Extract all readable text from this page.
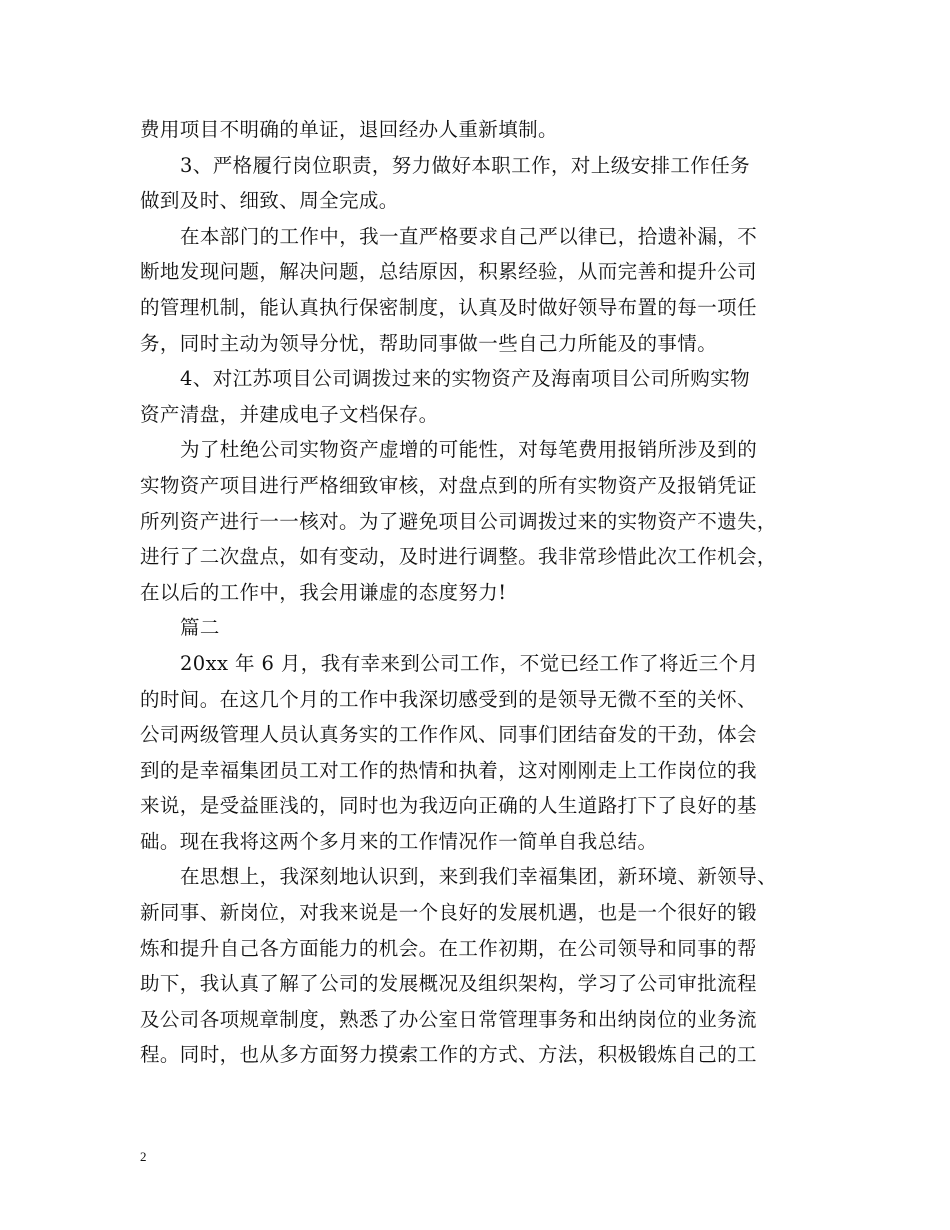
费用项目不明确的单证，退回经办人重新填制。
3、严格履行岗位职责，努力做好本职工作，对上级安排工作任务
做到及时、细致、周全完成。
在本部门的工作中，我一直严格要求自己严以律已，拾遗补漏，不
断地发现问题，解决问题，总结原因，积累经验，从而完善和提升公司
的管理机制，能认真执行保密制度，认真及时做好领导布置的每一项任
务，同时主动为领导分忧，帮助同事做一些自己力所能及的事情。
4、对江苏项目公司调拨过来的实物资产及海南项目公司所购实物
资产清盘，并建成电子文档保存。
为了杜绝公司实物资产虚增的可能性，对每笔费用报销所涉及到的
实物资产项目进行严格细致审核，对盘点到的所有实物资产及报销凭证
所列资产进行一一核对。为了避免项目公司调拨过来的实物资产不遗失，
进行了二次盘点，如有变动，及时进行调整。我非常珍惜此次工作机会，
在以后的工作中，我会用谦虚的态度努力!
篇二
20xx 年 6 月，我有幸来到公司工作，不觉已经工作了将近三个月
的时间。在这几个月的工作中我深切感受到的是领导无微不至的关怀、
公司两级管理人员认真务实的工作作风、同事们团结奋发的干劲，体会
到的是幸福集团员工对工作的热情和执着，这对刚刚走上工作岗位的我
来说，是受益匪浅的，同时也为我迈向正确的人生道路打下了良好的基
础。现在我将这两个多月来的工作情况作一简单自我总结。
在思想上，我深刻地认识到，来到我们幸福集团，新环境、新领导、
新同事、新岗位，对我来说是一个良好的发展机遇，也是一个很好的锻
炼和提升自己各方面能力的机会。在工作初期，在公司领导和同事的帮
助下，我认真了解了公司的发展概况及组织架构，学习了公司审批流程
及公司各项规章制度，熟悉了办公室日常管理事务和出纳岗位的业务流
程。同时，也从多方面努力摸索工作的方式、方法，积极锻炼自己的工
2
